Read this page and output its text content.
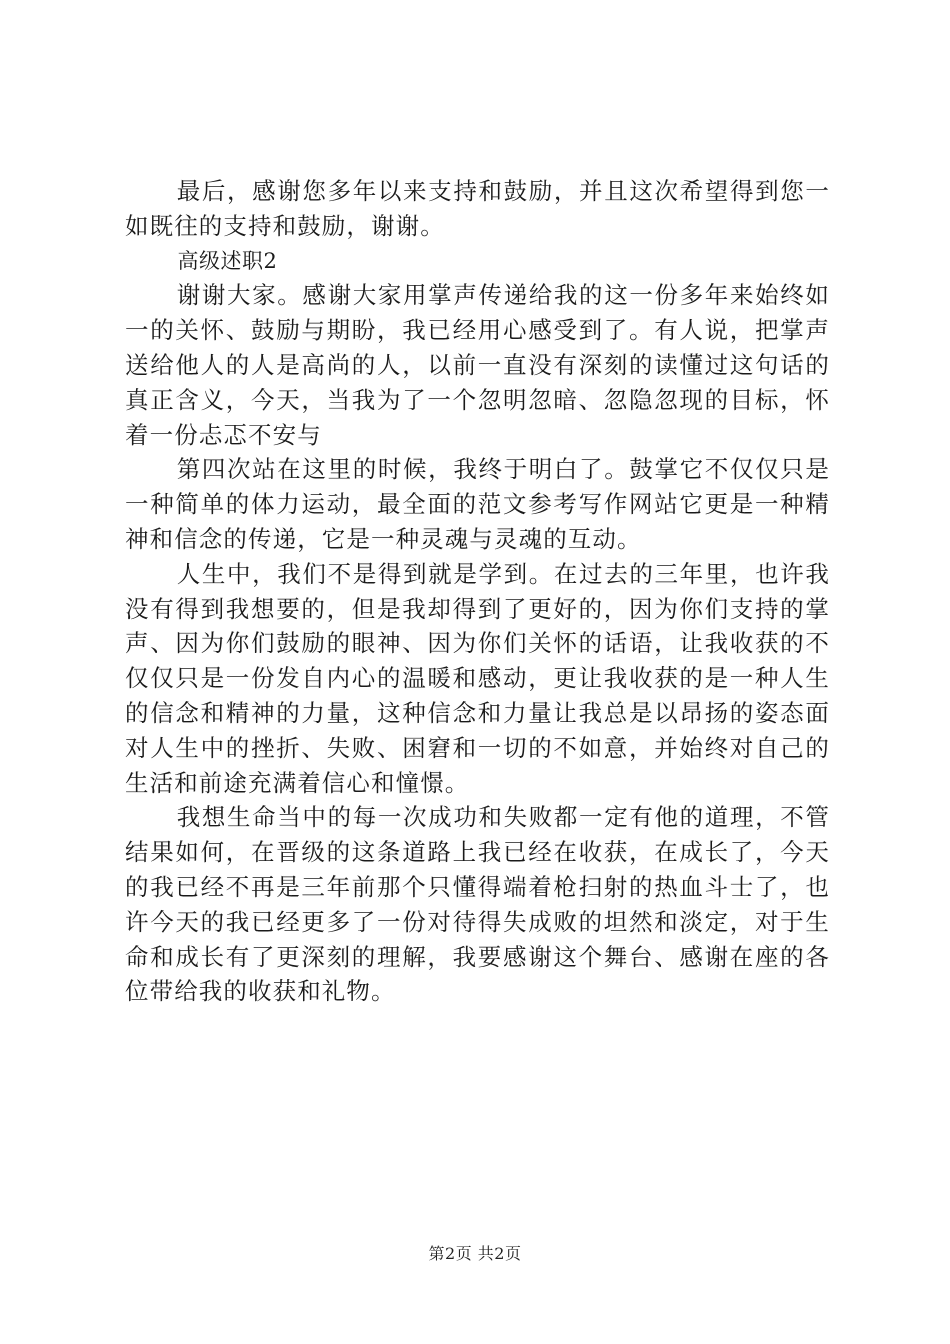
最后，感谢您多年以来支持和鼓励，并且这次希望得到您一如既往的支持和鼓励，谢谢。

高级述职2

谢谢大家。感谢大家用掌声传递给我的这一份多年来始终如一的关怀、鼓励与期盼，我已经用心感受到了。有人说，把掌声送给他人的人是高尚的人，以前一直没有深刻的读懂过这句话的真正含义，今天，当我为了一个忽明忽暗、忽隐忽现的目标，怀着一份忐忑不安与

第四次站在这里的时候，我终于明白了。鼓掌它不仅仅只是一种简单的体力运动，最全面的范文参考写作网站它更是一种精神和信念的传递，它是一种灵魂与灵魂的互动。

人生中，我们不是得到就是学到。在过去的三年里，也许我没有得到我想要的，但是我却得到了更好的，因为你们支持的掌声、因为你们鼓励的眼神、因为你们关怀的话语，让我收获的不仅仅只是一份发自内心的温暖和感动，更让我收获的是一种人生的信念和精神的力量，这种信念和力量让我总是以昂扬的姿态面对人生中的挫折、失败、困窘和一切的不如意，并始终对自己的生活和前途充满着信心和憧憬。

我想生命当中的每一次成功和失败都一定有他的道理，不管结果如何，在晋级的这条道路上我已经在收获，在成长了，今天的我已经不再是三年前那个只懂得端着枪扫射的热血斗士了，也许今天的我已经更多了一份对待得失成败的坦然和淡定，对于生命和成长有了更深刻的理解，我要感谢这个舞台、感谢在座的各位带给我的收获和礼物。

第2页 共2页
